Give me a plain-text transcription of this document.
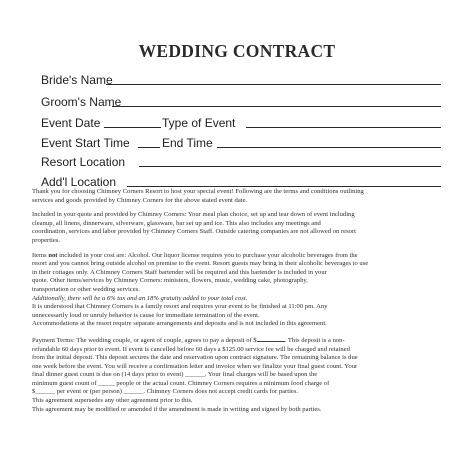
WEDDING CONTRACT
Bride's Name
Groom's Name
Event Date	Type of Event
Event Start Time	End Time
Resort Location
Add'l Location

Thank you for choosing Chimney Corners Resort to host your special event! Following are the terms and conditions outlining
services and goods provided by Chimney Corners for the above stated event date.

Included in your quote and provided by Chimney Corners: Your meal plan choice, set up and tear down of event including
cleanup, all linens, dinnerware, silverware, glassware, bar set up and ice. This also includes any meetings and
coordination, services and labor provided by Chimney Corners Staff. Outside catering companies are not allowed on resort
properties.

Items not included in your cost are: Alcohol. Our liquor license requires you to purchase your alcoholic beverages from the
resort and you cannot bring outside alcohol on premise to the event. Resort guests may bring in their alcoholic beverages to use
in their cottages only. A Chimney Corners Staff bartender will be required and this bartender is included in your
quote. Other items/services by Chimney Corners: ministers, flowers, music, wedding cake, photography,
transportation or other wedding services.
Additionally, there will be a 6% tax and an 18% gratuity added to your total cost.
It is understood that Chimney Corners is a family resort and requires your event to be finished at 11:00 pm. Any
unnecessarily loud or unruly behavior is cause for immediate termination of the event.
Accommodations at the resort require separate arrangements and deposits and is not included in this agreement.

Payment Terms: The wedding couple, or agent of couple, agrees to pay a deposit of $	. This deposit is a non-
refundable 60 days prior to event. If event is cancelled before 60 days a $125.00 service fee will be charged and retained
from the initial deposit. This deposit secures the date and reservation upon contract signature. The remaining balance is due
one week before the event. You will receive a confirmation letter and invoice when we finalize your final guest count. Your
final dinner guest count is due on (14 days prior to event) ______. Your final charges will be based upon the
minimum guest count of _____ people or the actual count. Chimney Corners requires a minimum food charge of
$______ per event or (per person) ______. Chimney Corners does not accept credit cards for parties.
This agreement supersedes any other agreement prior to this.
This agreement may be modified or amended if the amendment is made in writing and signed by both parties.
